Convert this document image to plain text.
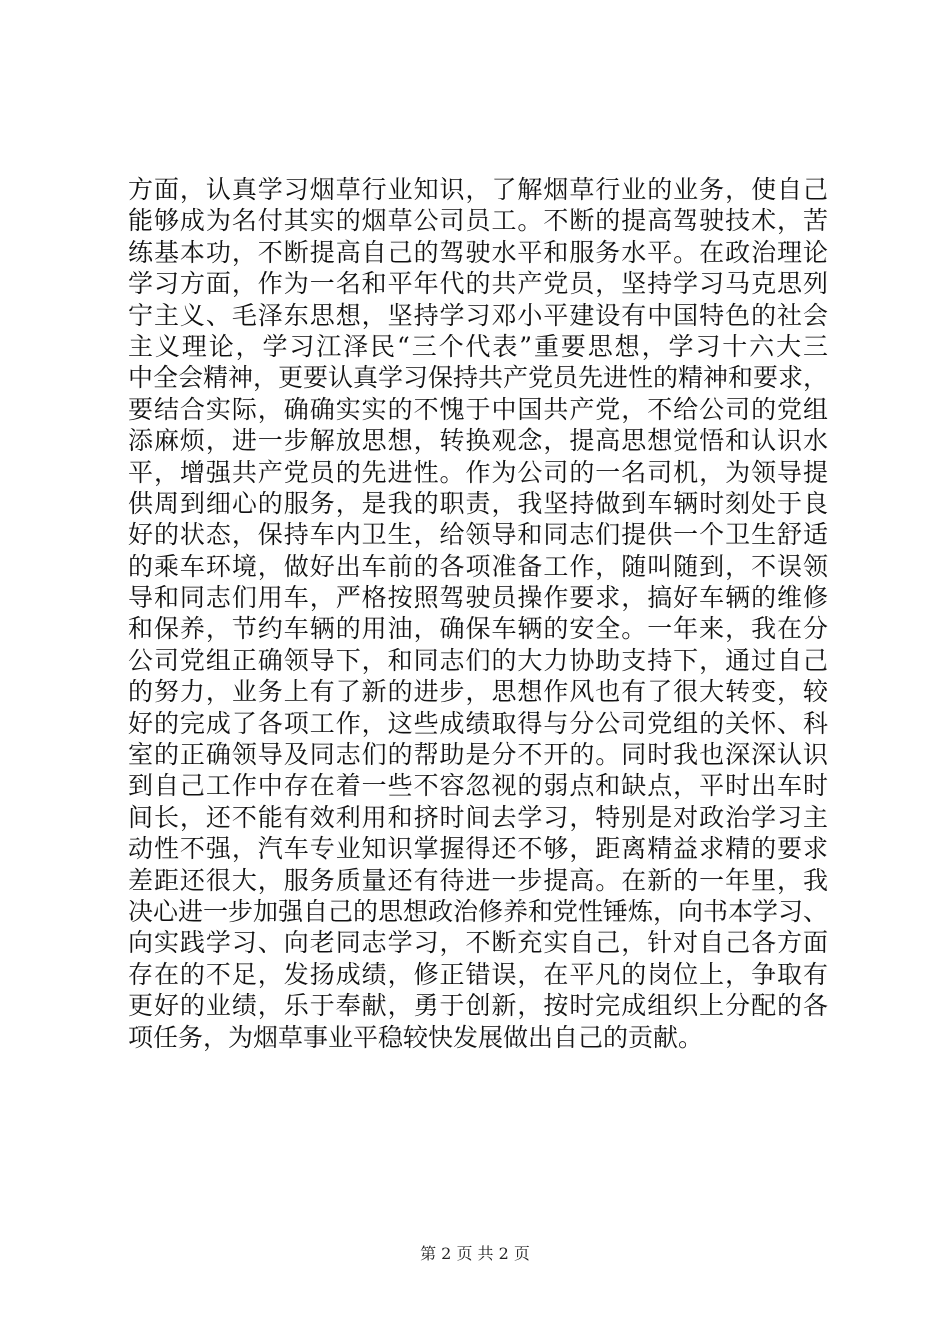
方面，认真学习烟草行业知识，了解烟草行业的业务，使自己
能够成为名付其实的烟草公司员工。不断的提高驾驶技术，苦
练基本功，不断提高自己的驾驶水平和服务水平。在政治理论
学习方面，作为一名和平年代的共产党员，坚持学习马克思列
宁主义、毛泽东思想，坚持学习邓小平建设有中国特色的社会
主义理论，学习江泽民“三个代表”重要思想，学习十六大三
中全会精神，更要认真学习保持共产党员先进性的精神和要求，
要结合实际，确确实实的不愧于中国共产党，不给公司的党组
添麻烦，进一步解放思想，转换观念，提高思想觉悟和认识水
平，增强共产党员的先进性。作为公司的一名司机，为领导提
供周到细心的服务，是我的职责，我坚持做到车辆时刻处于良
好的状态，保持车内卫生，给领导和同志们提供一个卫生舒适
的乘车环境，做好出车前的各项准备工作，随叫随到，不误领
导和同志们用车，严格按照驾驶员操作要求，搞好车辆的维修
和保养，节约车辆的用油，确保车辆的安全。一年来，我在分
公司党组正确领导下，和同志们的大力协助支持下，通过自己
的努力，业务上有了新的进步，思想作风也有了很大转变，较
好的完成了各项工作，这些成绩取得与分公司党组的关怀、科
室的正确领导及同志们的帮助是分不开的。同时我也深深认识
到自己工作中存在着一些不容忽视的弱点和缺点，平时出车时
间长，还不能有效利用和挤时间去学习，特别是对政治学习主
动性不强，汽车专业知识掌握得还不够，距离精益求精的要求
差距还很大，服务质量还有待进一步提高。在新的一年里，我
决心进一步加强自己的思想政治修养和党性锤炼，向书本学习、
向实践学习、向老同志学习，不断充实自己，针对自己各方面
存在的不足，发扬成绩，修正错误，在平凡的岗位上，争取有
更好的业绩，乐于奉献，勇于创新，按时完成组织上分配的各
项任务，为烟草事业平稳较快发展做出自己的贡献。
第 2 页 共 2 页
